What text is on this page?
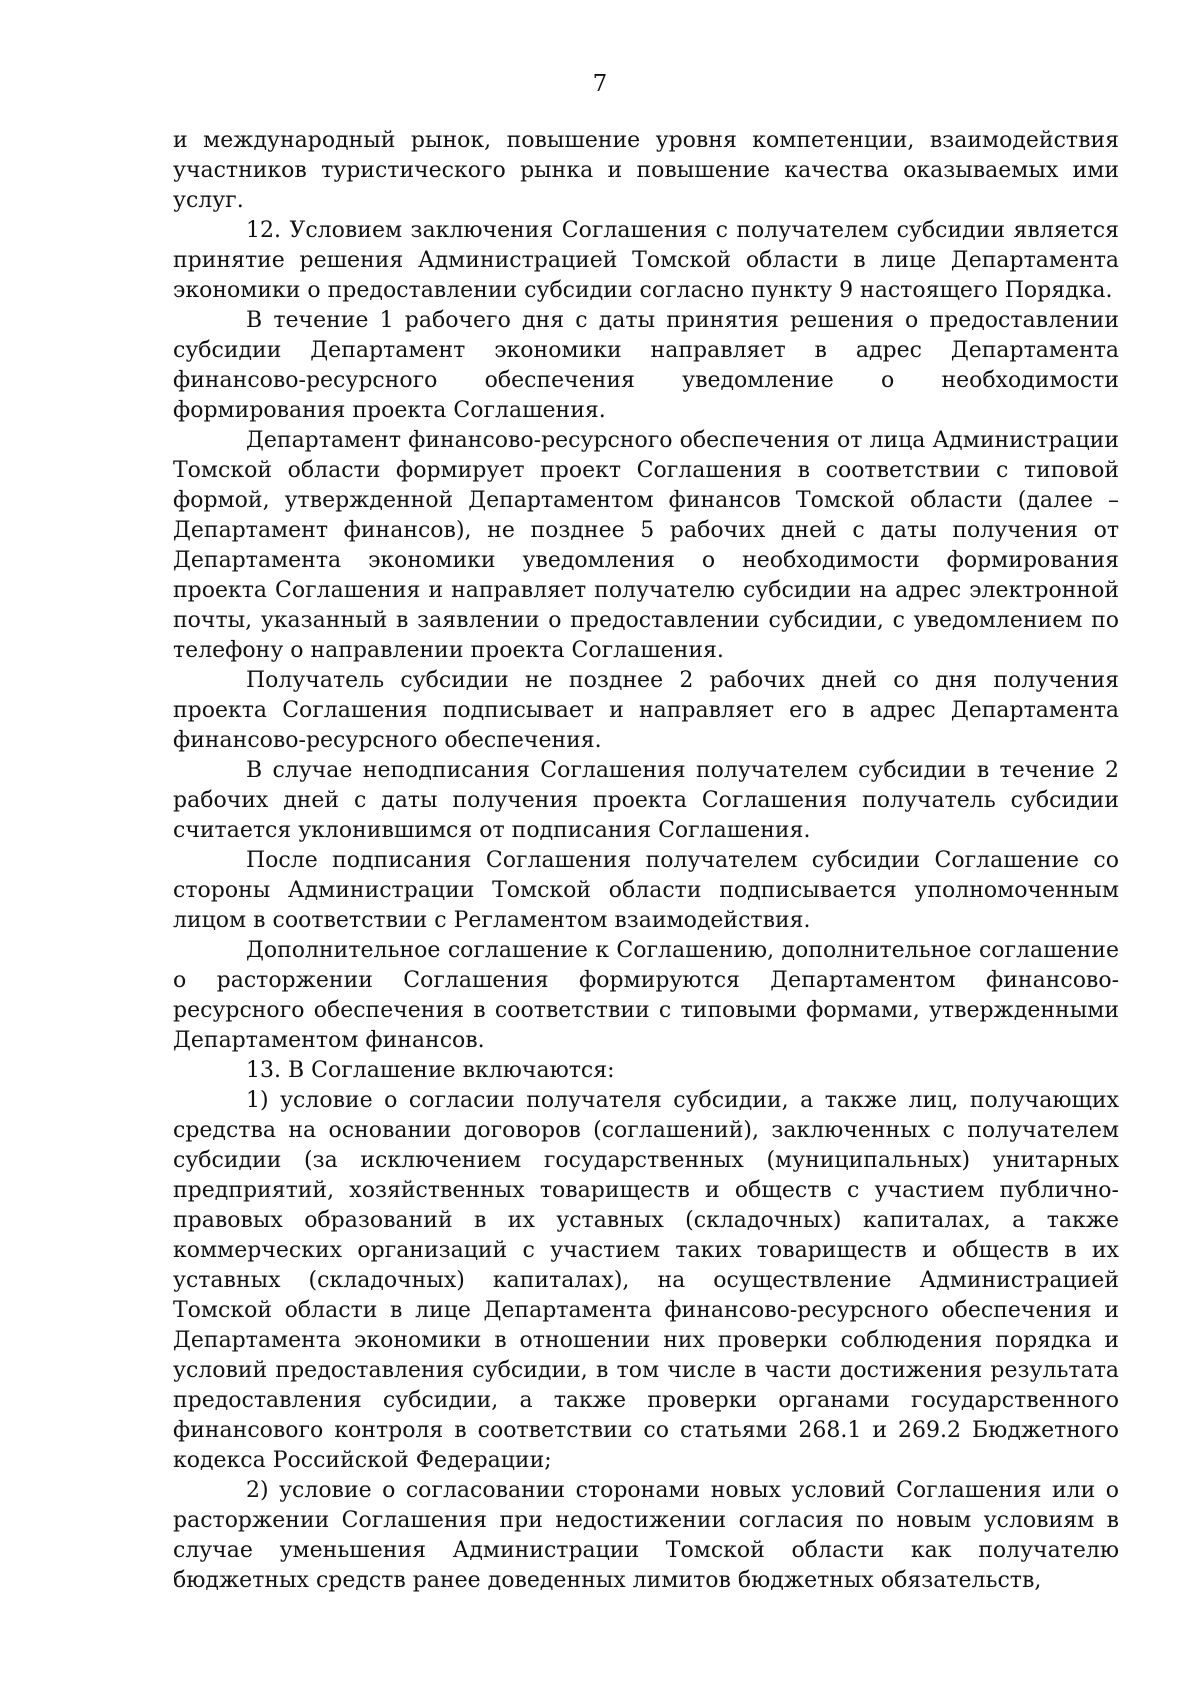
7

и международный рынок, повышение уровня компетенции, взаимодействия участников туристического рынка и повышение качества оказываемых ими услуг.

12. Условием заключения Соглашения с получателем субсидии является принятие решения Администрацией Томской области в лице Департамента экономики о предоставлении субсидии согласно пункту 9 настоящего Порядка.

В течение 1 рабочего дня с даты принятия решения о предоставлении субсидии Департамент экономики направляет в адрес Департамента финансово-ресурсного обеспечения уведомление о необходимости формирования проекта Соглашения.

Департамент финансово-ресурсного обеспечения от лица Администрации Томской области формирует проект Соглашения в соответствии с типовой формой, утвержденной Департаментом финансов Томской области (далее – Департамент финансов), не позднее 5 рабочих дней с даты получения от Департамента экономики уведомления о необходимости формирования проекта Соглашения и направляет получателю субсидии на адрес электронной почты, указанный в заявлении о предоставлении субсидии, с уведомлением по телефону о направлении проекта Соглашения.

Получатель субсидии не позднее 2 рабочих дней со дня получения проекта Соглашения подписывает и направляет его в адрес Департамента финансово-ресурсного обеспечения.

В случае неподписания Соглашения получателем субсидии в течение 2 рабочих дней с даты получения проекта Соглашения получатель субсидии считается уклонившимся от подписания Соглашения.

После подписания Соглашения получателем субсидии Соглашение со стороны Администрации Томской области подписывается уполномоченным лицом в соответствии с Регламентом взаимодействия.

Дополнительное соглашение к Соглашению, дополнительное соглашение о расторжении Соглашения формируются Департаментом финансово-ресурсного обеспечения в соответствии с типовыми формами, утвержденными Департаментом финансов.

13. В Соглашение включаются:

1) условие о согласии получателя субсидии, а также лиц, получающих средства на основании договоров (соглашений), заключенных с получателем субсидии (за исключением государственных (муниципальных) унитарных предприятий, хозяйственных товариществ и обществ с участием публично-правовых образований в их уставных (складочных) капиталах, а также коммерческих организаций с участием таких товариществ и обществ в их уставных (складочных) капиталах), на осуществление Администрацией Томской области в лице Департамента финансово-ресурсного обеспечения и Департамента экономики в отношении них проверки соблюдения порядка и условий предоставления субсидии, в том числе в части достижения результата предоставления субсидии, а также проверки органами государственного финансового контроля в соответствии со статьями 268.1 и 269.2 Бюджетного кодекса Российской Федерации;

2) условие о согласовании сторонами новых условий Соглашения или о расторжении Соглашения при недостижении согласия по новым условиям в случае уменьшения Администрации Томской области как получателю бюджетных средств ранее доведенных лимитов бюджетных обязательств,
